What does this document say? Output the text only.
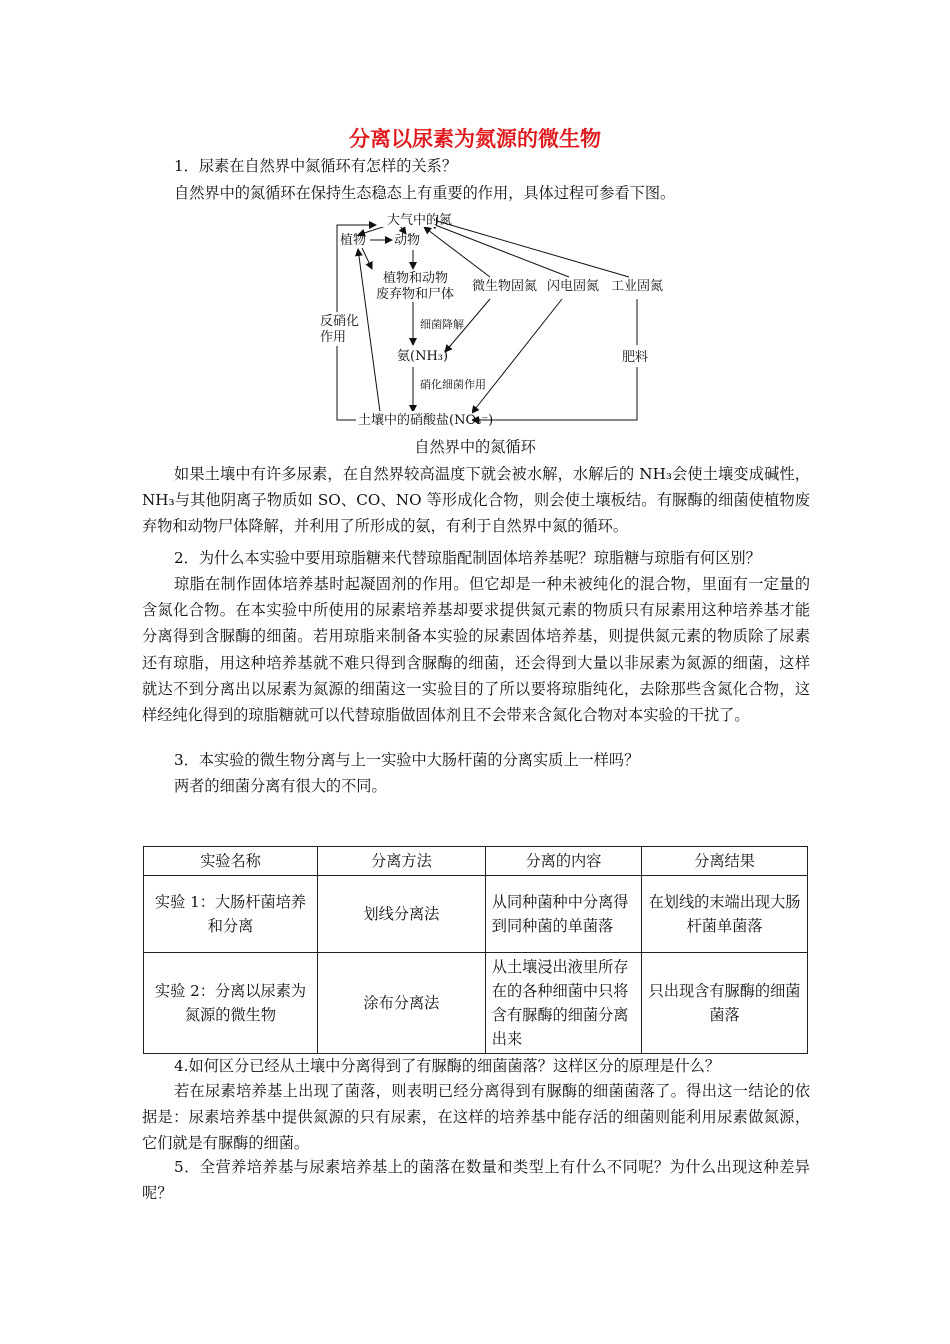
分离以尿素为氮源的微生物
1．尿素在自然界中氮循环有怎样的关系？
自然界中的氮循环在保持生态稳态上有重要的作用，具体过程可参看下图。
大气中的氮
植物 动物
植物和动物
废弃物和尸体
微生物固氮 闪电固氮 工业固氮
反硝化
作用
氨(NH₃)	肥料
土壤中的硝酸盐(NO₃⁻)
细菌降解
硝化细菌作用
自然界中的氮循环
如果土壤中有许多尿素，在自然界较高温度下就会被水解，水解后的 NH₃会使土壤变成碱性，NH₃与其他阴离子物质如 SO、CO、NO 等形成化合物，则会使土壤板结。有脲酶的细菌使植物废弃物和动物尸体降解，并利用了所形成的氨，有利于自然界中氮的循环。
2．为什么本实验中要用琼脂糖来代替琼脂配制固体培养基呢？琼脂糖与琼脂有何区别？
琼脂在制作固体培养基时起凝固剂的作用。但它却是一种未被纯化的混合物，里面有一定量的含氮化合物。在本实验中所使用的尿素培养基却要求提供氮元素的物质只有尿素用这种培养基才能分离得到含脲酶的细菌。若用琼脂来制备本实验的尿素固体培养基，则提供氮元素的物质除了尿素还有琼脂，用这种培养基就不难只得到含脲酶的细菌，还会得到大量以非尿素为氮源的细菌，这样就达不到分离出以尿素为氮源的细菌这一实验目的了所以要将琼脂纯化，去除那些含氮化合物，这样经纯化得到的琼脂糖就可以代替琼脂做固体剂且不会带来含氮化合物对本实验的干扰了。
3．本实验的微生物分离与上一实验中大肠杆菌的分离实质上一样吗？
两者的细菌分离有很大的不同。
实验名称	分离方法	分离的内容	分离结果
实验 1：大肠杆菌培养和分离	划线分离法	从同种菌种中分离得到同种菌的单菌落	在划线的末端出现大肠杆菌单菌落
实验 2：分离以尿素为氮源的微生物	涂布分离法	从土壤浸出液里所存在的各种细菌中只将含有脲酶的细菌分离出来	只出现含有脲酶的细菌菌落
4.如何区分已经从土壤中分离得到了有脲酶的细菌菌落？这样区分的原理是什么？
若在尿素培养基上出现了菌落，则表明已经分离得到有脲酶的细菌菌落了。得出这一结论的依据是：尿素培养基中提供氮源的只有尿素，在这样的培养基中能存活的细菌则能利用尿素做氮源，它们就是有脲酶的细菌。
5．全营养培养基与尿素培养基上的菌落在数量和类型上有什么不同呢？为什么出现这种差异呢？
